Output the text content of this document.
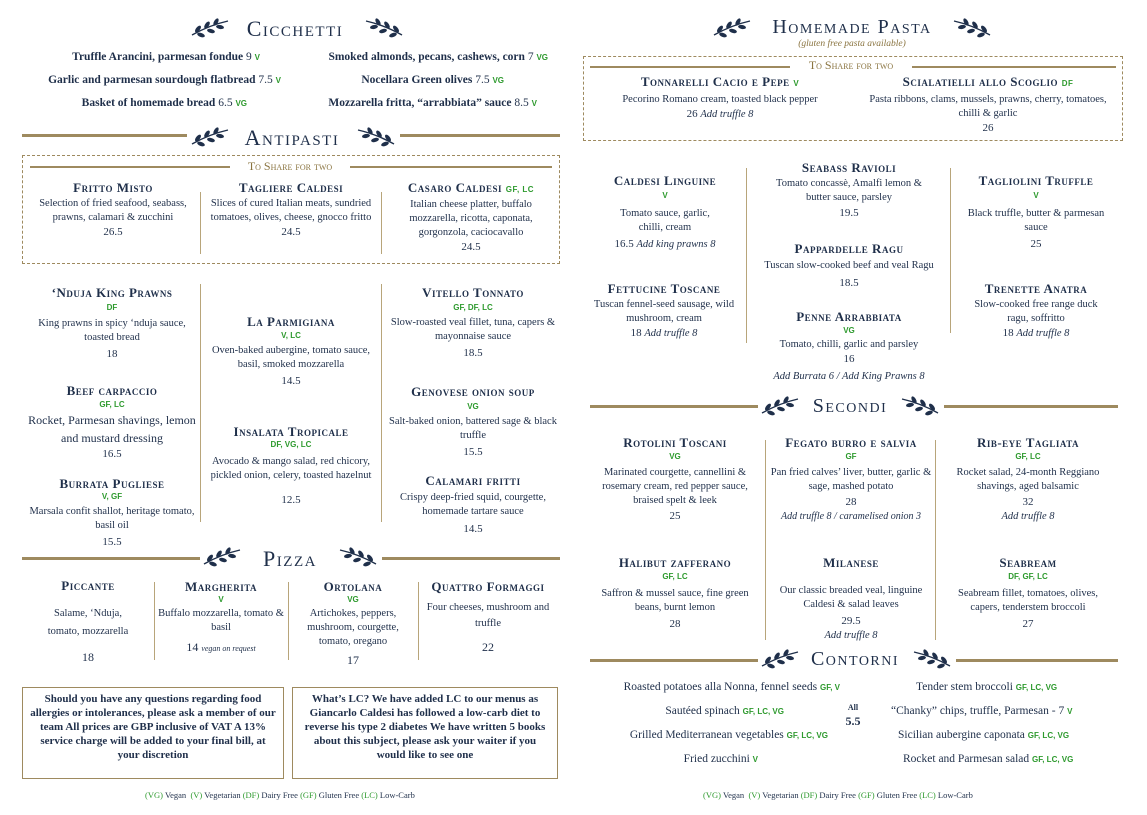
Cicchetti
Truffle Arancini, parmesan fondue 9 V
Garlic and parmesan sourdough flatbread 7.5 V
Basket of homemade bread 6.5 VG
Smoked almonds, pecans, cashews, corn 7 VG
Nocellara Green olives 7.5 VG
Mozzarella fritta, “arrabbiata” sauce 8.5 V
Antipasti
To Share for two
Fritto Misto
Selection of fried seafood, seabass, prawns, calamari & zucchini
26.5
Tagliere Caldesi
Slices of cured Italian meats, sundried tomatoes, olives, cheese, gnocco fritto
24.5
Casaro Caldesi GF, LC
Italian cheese platter, buffalo mozzarella, ricotta, caponata, gorgonzola, caciocavallo
24.5
‘Nduja King Prawns
DF
King prawns in spicy ‘nduja sauce, toasted bread
18
Beef carpaccio
GF, LC
Rocket, Parmesan shavings, lemon and mustard dressing
16.5
Burrata Pugliese
V, GF
Marsala confit shallot, heritage tomato, basil oil
15.5
La Parmigiana
V, LC
Oven-baked aubergine, tomato sauce, basil, smoked mozzarella
14.5
Insalata Tropicale
DF, VG, LC
Avocado & mango salad, red chicory, pickled onion, celery, toasted hazelnut
12.5
Vitello Tonnato
GF, DF, LC
Slow-roasted veal fillet, tuna, capers & mayonnaise sauce
18.5
Genovese onion soup
VG
Salt-baked onion, battered sage & black truffle
15.5
Calamari fritti
Crispy deep-fried squid, courgette, homemade tartare sauce
14.5
Pizza
Piccante
Salame, ‘Nduja, tomato, mozzarella
18
Margherita
V
Buffalo mozzarella, tomato & basil
14 vegan on request
Ortolana
VG
Artichokes, peppers, mushroom, courgette, tomato, oregano
17
Quattro Formaggi
Four cheeses, mushroom and truffle
22
Should you have any questions regarding food allergies or intolerances, please ask a member of our team All prices are GBP inclusive of VAT A 13% service charge will be added to your final bill, at your discretion
What’s LC? We have added LC to our menus as Giancarlo Caldesi has followed a low-carb diet to reverse his type 2 diabetes We have written 5 books about this subject, please ask your waiter if you would like to see one
(VG) Vegan (V) Vegetarian (DF) Dairy Free (GF) Gluten Free (LC) Low-Carb
Homemade Pasta
(gluten free pasta available)
To Share for two
Tonnarelli Cacio e Pepe V
Pecorino Romano cream, toasted black pepper
26 Add truffle 8
Scialatielli allo Scoglio DF
Pasta ribbons, clams, mussels, prawns, cherry, tomatoes, chilli & garlic
26
Caldesi Linguine
V
Tomato sauce, garlic, chilli, cream
16.5 Add king prawns 8
Fettucine Toscane
Tuscan fennel-seed sausage, wild mushroom, cream
18 Add truffle 8
Seabass Ravioli
Tomato concassè, Amalfi lemon & butter sauce, parsley
19.5
Pappardelle Ragu
Tuscan slow-cooked beef and veal Ragu
18.5
Penne Arrabbiata
VG
Tomato, chilli, garlic and parsley
16
Add Burrata 6 / Add King Prawns 8
Tagliolini Truffle
V
Black truffle, butter & parmesan sauce
25
Trenette Anatra
Slow-cooked free range duck ragu, soffritto
18 Add truffle 8
Secondi
Rotolini Toscani
VG
Marinated courgette, cannellini & rosemary cream, red pepper sauce, braised spelt & leek
25
Fegato burro e salvia
GF
Pan fried calves’ liver, butter, garlic & sage, mashed potato
28
Add truffle 8 / caramelised onion 3
Rib-eye Tagliata
GF, LC
Rocket salad, 24-month Reggiano shavings, aged balsamic
32
Add truffle 8
Halibut zafferano
GF, LC
Saffron & mussel sauce, fine green beans, burnt lemon
28
Milanese
Our classic breaded veal, linguine Caldesi & salad leaves
29.5
Add truffle 8
Seabream
DF, GF, LC
Seabream fillet, tomatoes, olives, capers, tenderstem broccoli
27
Contorni
Roasted potatoes alla Nonna, fennel seeds GF, V
Sautéed spinach GF, LC, VG
Grilled Mediterranean vegetables GF, LC, VG
Fried zucchini V
All
5.5
Tender stem broccoli GF, LC, VG
“Chanky” chips, truffle, Parmesan - 7 V
Sicilian aubergine caponata GF, LC, VG
Rocket and Parmesan salad GF, LC, VG
(VG) Vegan (V) Vegetarian (DF) Dairy Free (GF) Gluten Free (LC) Low-Carb
